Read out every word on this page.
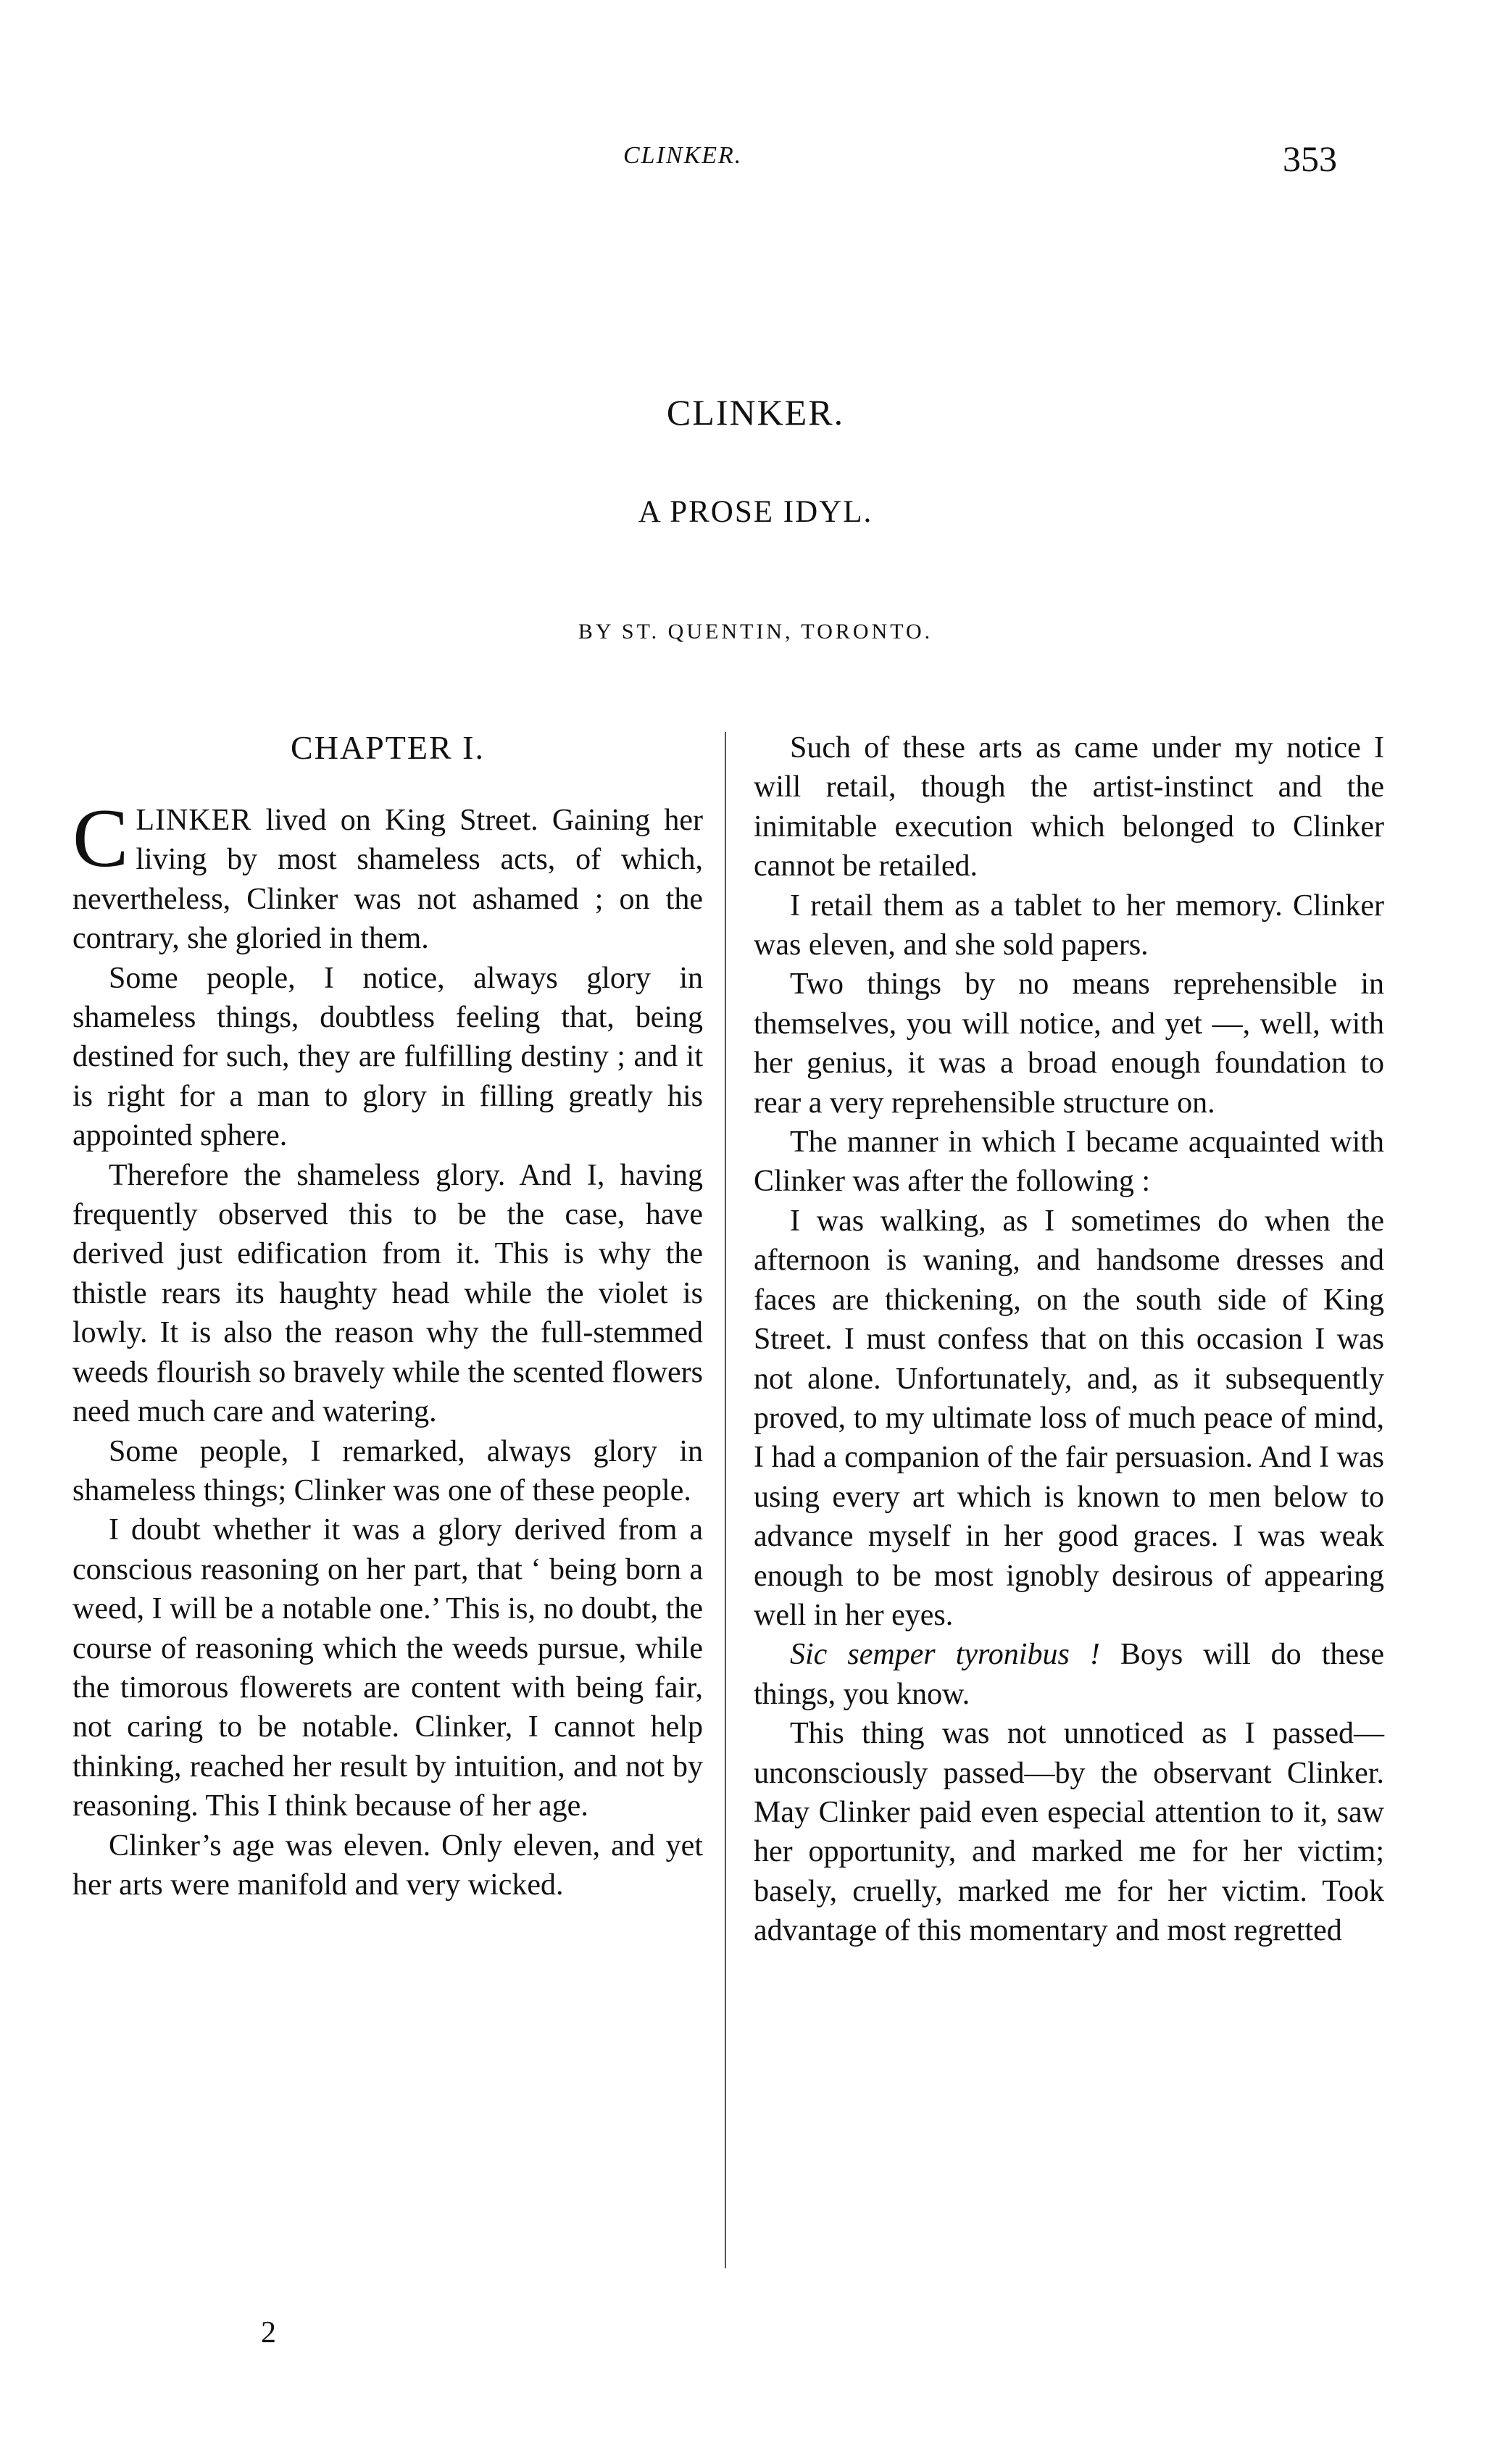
CLINKER.	353
CLINKER.
A PROSE IDYL.
BY ST. QUENTIN, TORONTO.
CHAPTER I.

CLINKER lived on King Street. Gaining her living by most shameless acts, of which, nevertheless, Clinker was not ashamed ; on the contrary, she gloried in them.

Some people, I notice, always glory in shameless things, doubtless feeling that, being destined for such, they are fulfilling destiny ; and it is right for a man to glory in filling greatly his appointed sphere.

Therefore the shameless glory. And I, having frequently observed this to be the case, have derived just edification from it. This is why the thistle rears its haughty head while the violet is lowly. It is also the reason why the full-stemmed weeds flourish so bravely while the scented flowers need much care and watering.

Some people, I remarked, always glory in shameless things; Clinker was one of these people.

I doubt whether it was a glory derived from a conscious reasoning on her part, that ‘ being born a weed, I will be a notable one.’ This is, no doubt, the course of reasoning which the weeds pursue, while the timorous flowerets are content with being fair, not caring to be notable. Clinker, I cannot help thinking, reached her result by intuition, and not by reasoning. This I think because of her age.

Clinker’s age was eleven. Only eleven, and yet her arts were manifold and very wicked.

Such of these arts as came under my notice I will retail, though the artist-instinct and the inimitable execution which belonged to Clinker cannot be retailed.

I retail them as a tablet to her memory. Clinker was eleven, and she sold papers.

Two things by no means reprehensible in themselves, you will notice, and yet —, well, with her genius, it was a broad enough foundation to rear a very reprehensible structure on.

The manner in which I became acquainted with Clinker was after the following :

I was walking, as I sometimes do when the afternoon is waning, and handsome dresses and faces are thickening, on the south side of King Street. I must confess that on this occasion I was not alone. Unfortunately, and, as it subsequently proved, to my ultimate loss of much peace of mind, I had a companion of the fair persuasion. And I was using every art which is known to men below to advance myself in her good graces. I was weak enough to be most ignobly desirous of appearing well in her eyes.

Sic semper tyronibus ! Boys will do these things, you know.

This thing was not unnoticed as I passed—unconsciously passed—by the observant Clinker. May Clinker paid even especial attention to it, saw her opportunity, and marked me for her victim; basely, cruelly, marked me for her victim. Took advantage of this momentary and most regretted

2
